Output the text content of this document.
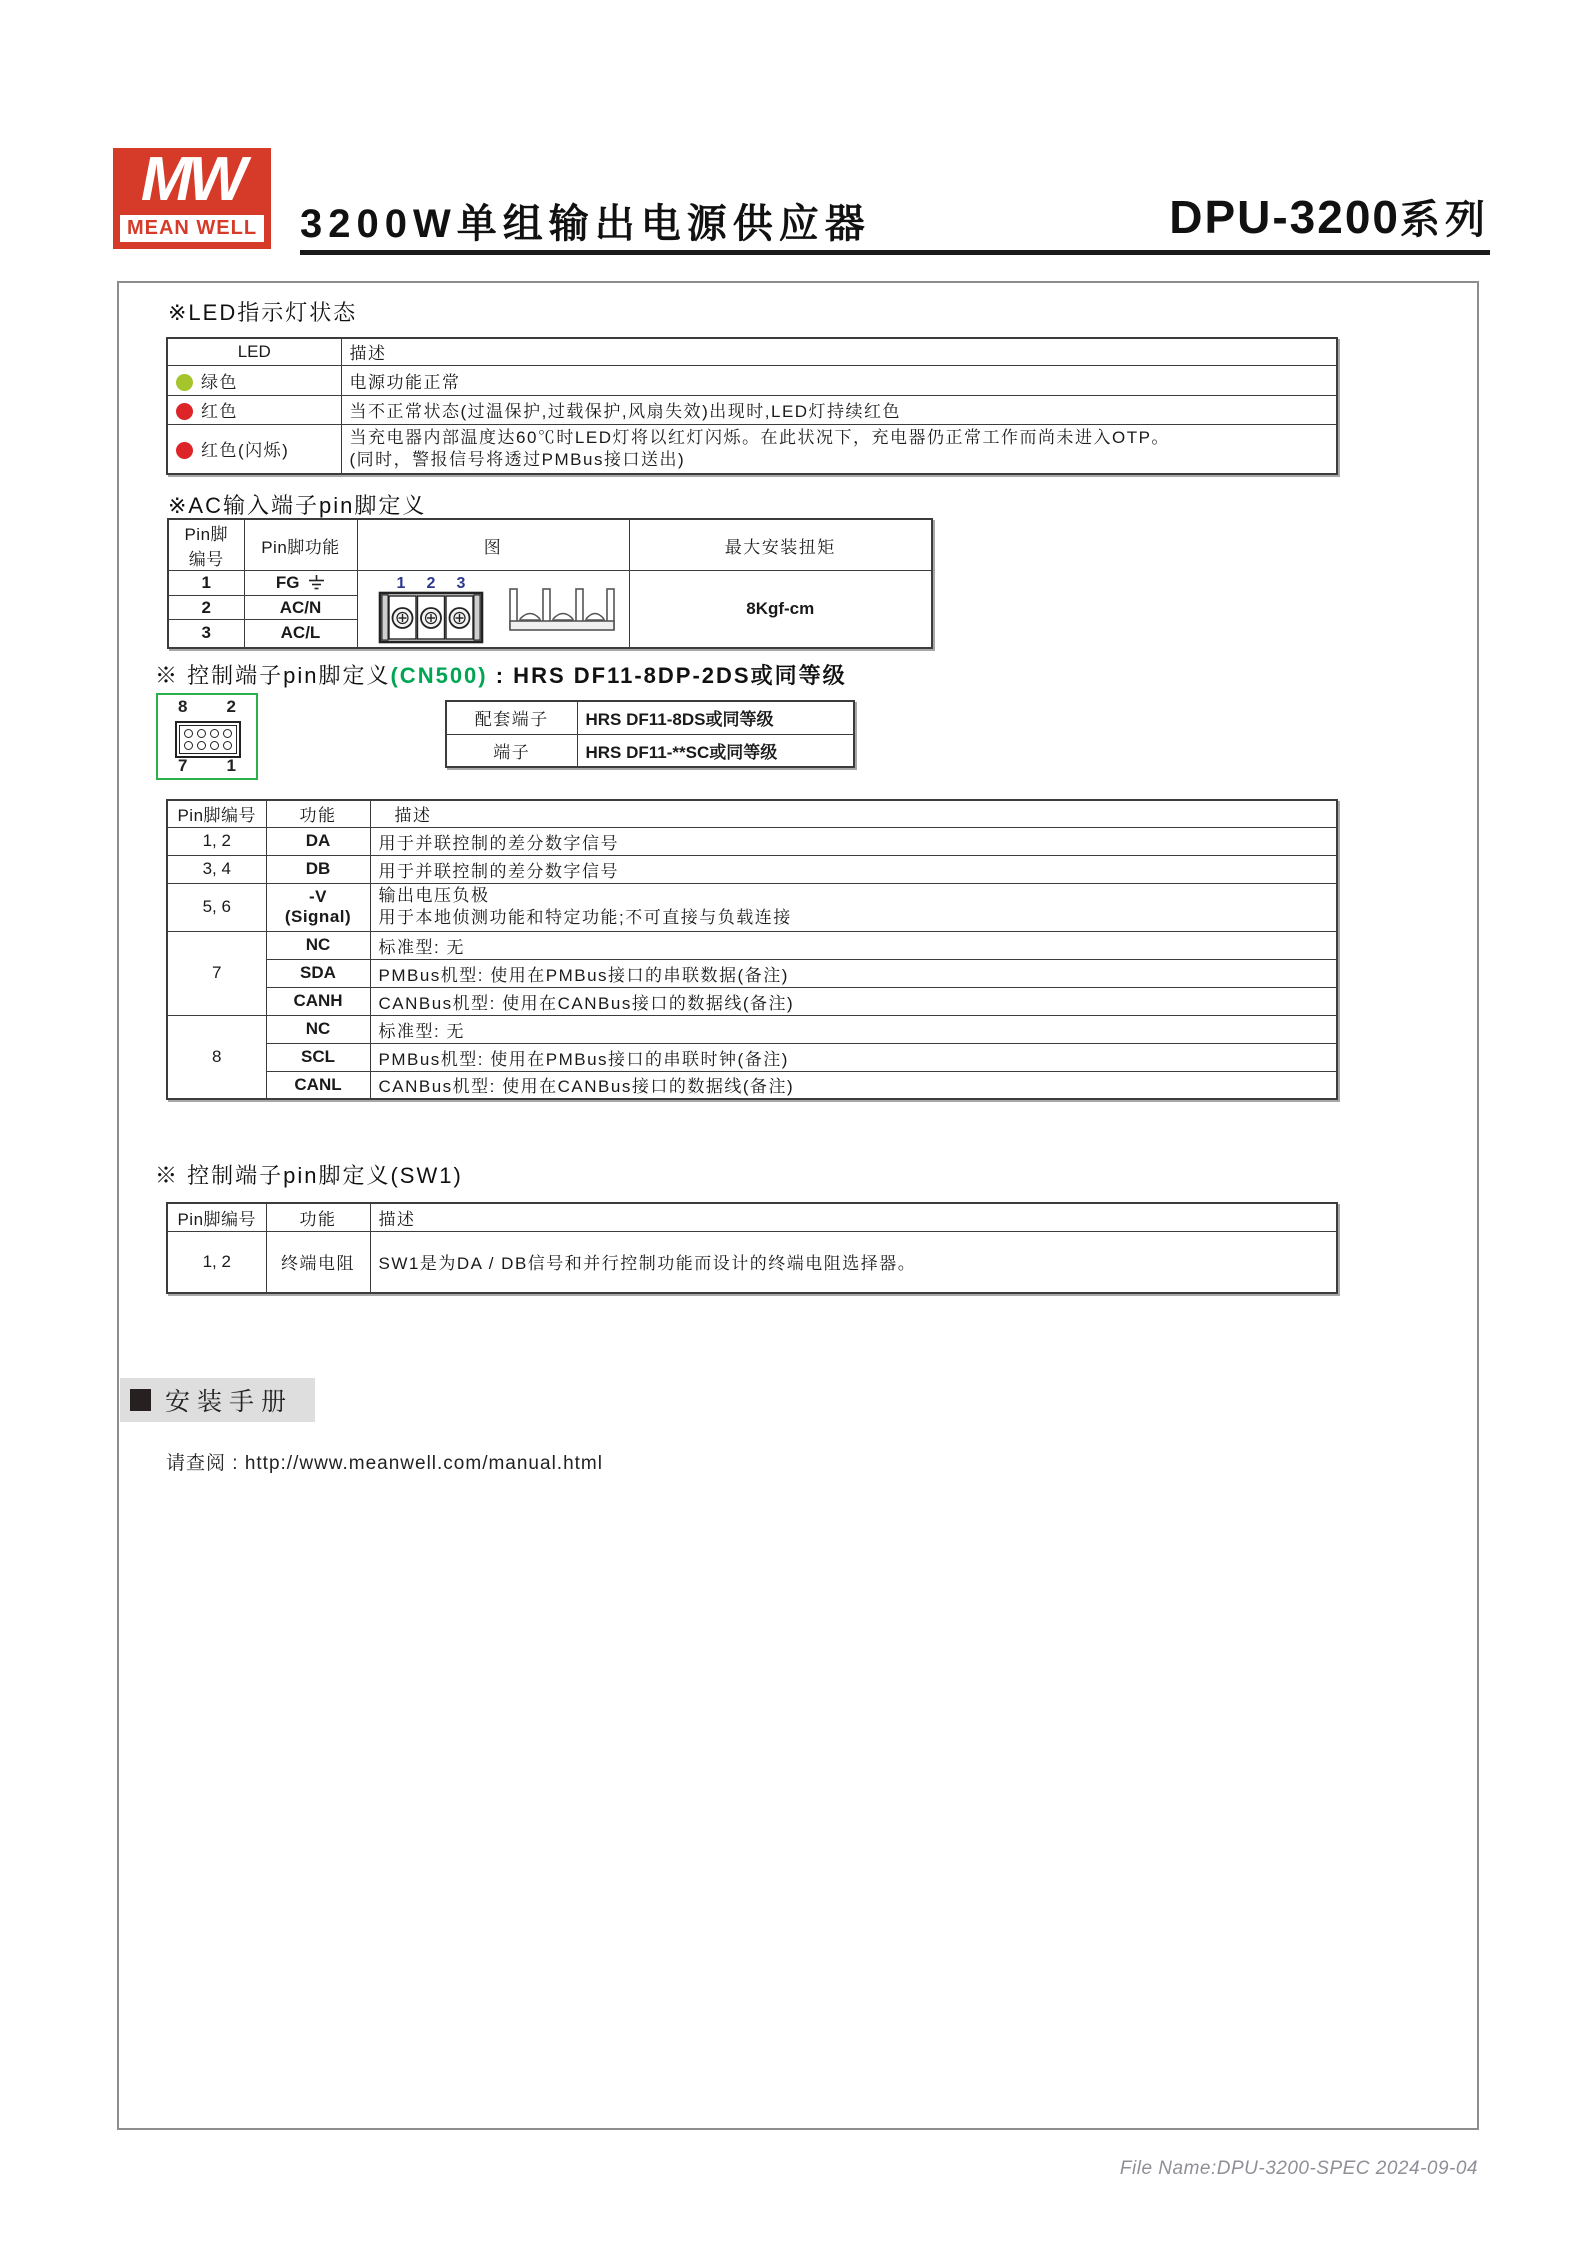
MW
MEAN WELL 3200W单组输出电源供应器	DPU-3200系列
※LED指示灯状态
LED	描述
绿色	电源功能正常
红色	当不正常状态(过温保护,过载保护,风扇失效)出现时,LED灯持续红色
红色(闪烁)	当充电器内部温度达60℃时LED灯将以红灯闪烁。在此状况下，充电器仍正常工作而尚未进入OTP。
(同时，警报信号将透过PMBus接口送出)
※AC输入端子pin脚定义
Pin脚编号	Pin脚功能	图	最大安装扭矩
1	FG	1 2 3	8Kgf-cm
2	AC/N		
3	AC/L		
※ 控制端子pin脚定义(CN500) : HRS DF11-8DP-2DS或同等级
8 2
7 1
配套端子	HRS DF11-8DS或同等级
端子	HRS DF11-**SC或同等级
Pin脚编号	功能	描述
1, 2	DA	用于并联控制的差分数字信号
3, 4	DB	用于并联控制的差分数字信号
5, 6	-V (Signal)	输出电压负极
用于本地侦测功能和特定功能;不可直接与负载连接

7	NC	标准型: 无
	SDA	PMBus机型: 使用在PMBus接口的串联数据(备注)
	CANH	CANBus机型: 使用在CANBus接口的数据线(备注)
8	NC	标准型: 无
	SCL	PMBus机型: 使用在PMBus接口的串联时钟(备注)
	CANL	CANBus机型: 使用在CANBus接口的数据线(备注)
※ 控制端子pin脚定义(SW1)
Pin脚编号	功能	描述
1, 2	终端电阻	SW1是为DA / DB信号和并行控制功能而设计的终端电阻选择器。
安装手册
请查阅 : http://www.meanwell.com/manual.html
File Name:DPU-3200-SPEC 2024-09-04
